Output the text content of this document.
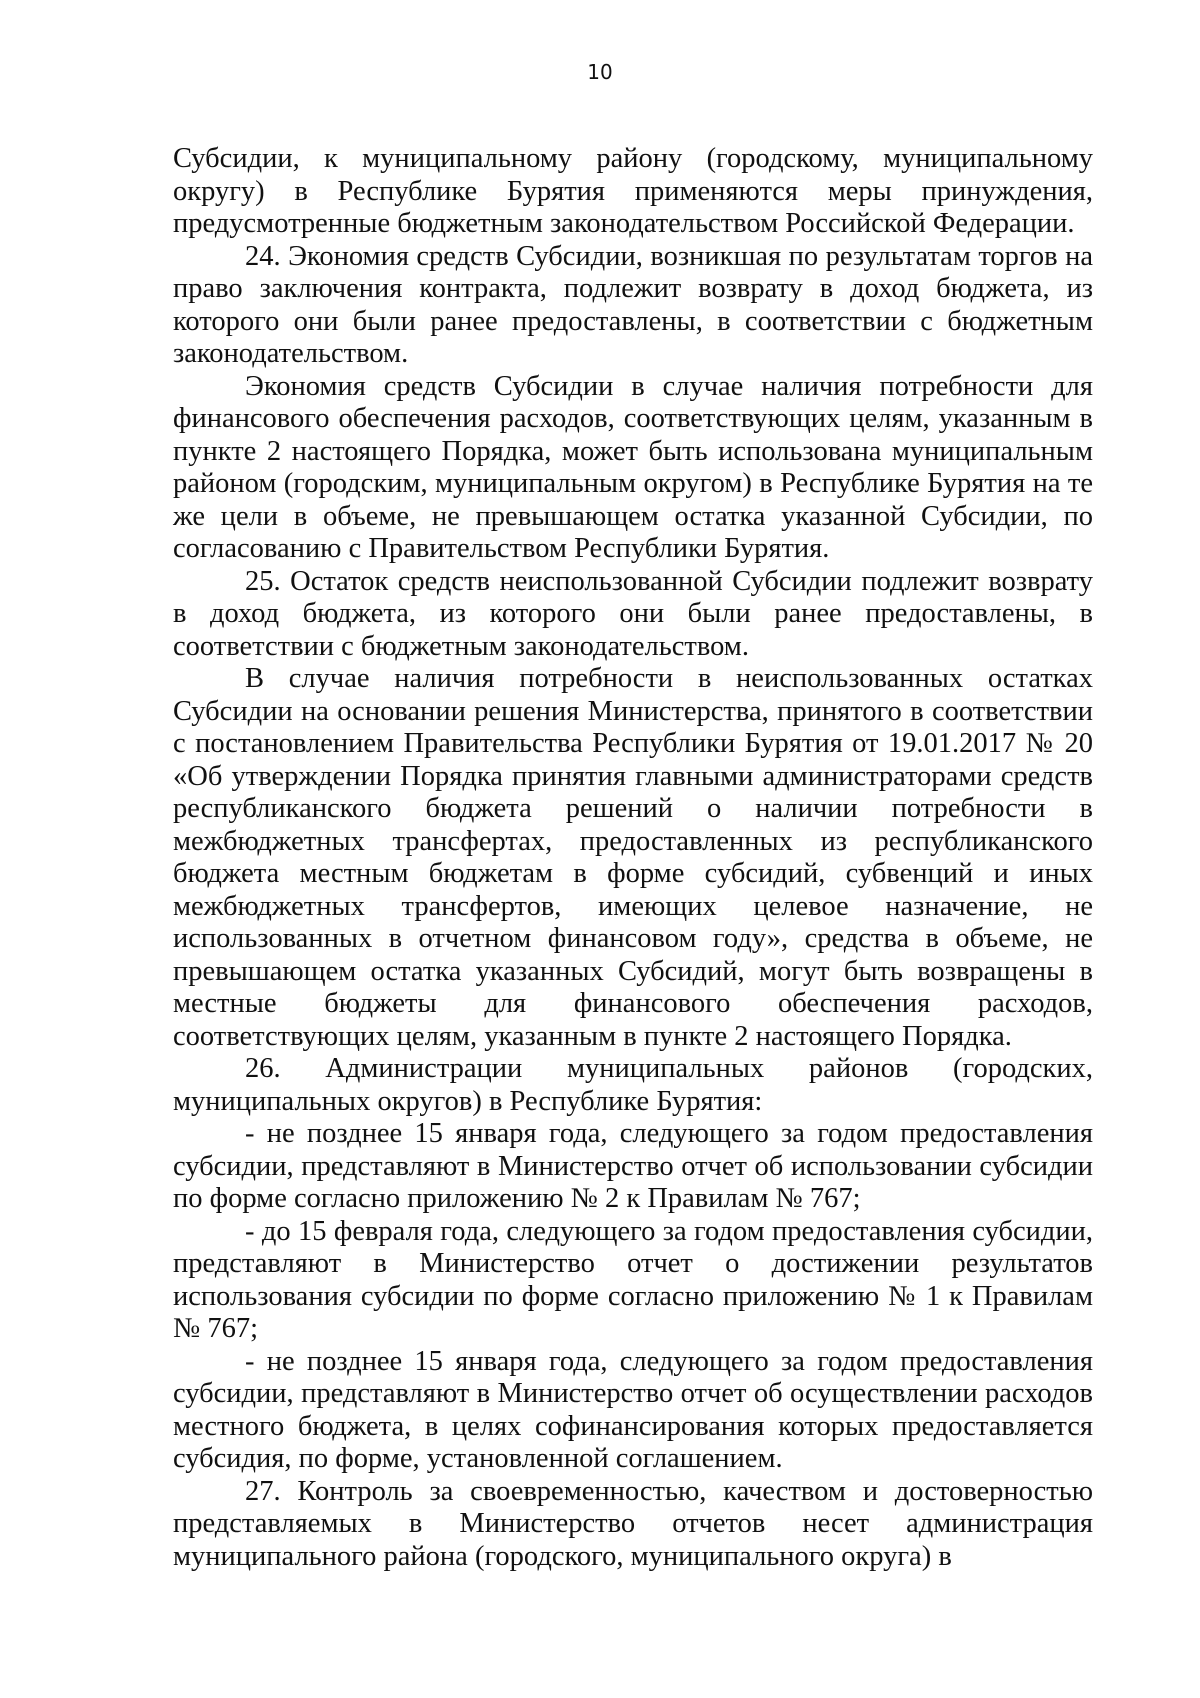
10

Субсидии, к муниципальному району (городскому, муниципальному округу) в Республике Бурятия применяются меры принуждения, предусмотренные бюджетным законодательством Российской Федерации.

24. Экономия средств Субсидии, возникшая по результатам торгов на право заключения контракта, подлежит возврату в доход бюджета, из которого они были ранее предоставлены, в соответствии с бюджетным законодательством.

Экономия средств Субсидии в случае наличия потребности для финансового обеспечения расходов, соответствующих целям, указанным в пункте 2 настоящего Порядка, может быть использована муниципальным районом (городским, муниципальным округом) в Республике Бурятия на те же цели в объеме, не превышающем остатка указанной Субсидии, по согласованию с Правительством Республики Бурятия.

25. Остаток средств неиспользованной Субсидии подлежит возврату в доход бюджета, из которого они были ранее предоставлены, в соответствии с бюджетным законодательством.

В случае наличия потребности в неиспользованных остатках Субсидии на основании решения Министерства, принятого в соответствии с постановлением Правительства Республики Бурятия от 19.01.2017 № 20 «Об утверждении Порядка принятия главными администраторами средств республиканского бюджета решений о наличии потребности в межбюджетных трансфертах, предоставленных из республиканского бюджета местным бюджетам в форме субсидий, субвенций и иных межбюджетных трансфертов, имеющих целевое назначение, не использованных в отчетном финансовом году», средства в объеме, не превышающем остатка указанных Субсидий, могут быть возвращены в местные бюджеты для финансового обеспечения расходов, соответствующих целям, указанным в пункте 2 настоящего Порядка.

26. Администрации муниципальных районов (городских, муниципальных округов) в Республике Бурятия:

- не позднее 15 января года, следующего за годом предоставления субсидии, представляют в Министерство отчет об использовании субсидии по форме согласно приложению № 2 к Правилам № 767;

- до 15 февраля года, следующего за годом предоставления субсидии, представляют в Министерство отчет о достижении результатов использования субсидии по форме согласно приложению № 1 к Правилам № 767;

- не позднее 15 января года, следующего за годом предоставления субсидии, представляют в Министерство отчет об осуществлении расходов местного бюджета, в целях софинансирования которых предоставляется субсидия, по форме, установленной соглашением.

27. Контроль за своевременностью, качеством и достоверностью представляемых в Министерство отчетов несет администрация муниципального района (городского, муниципального округа) в
